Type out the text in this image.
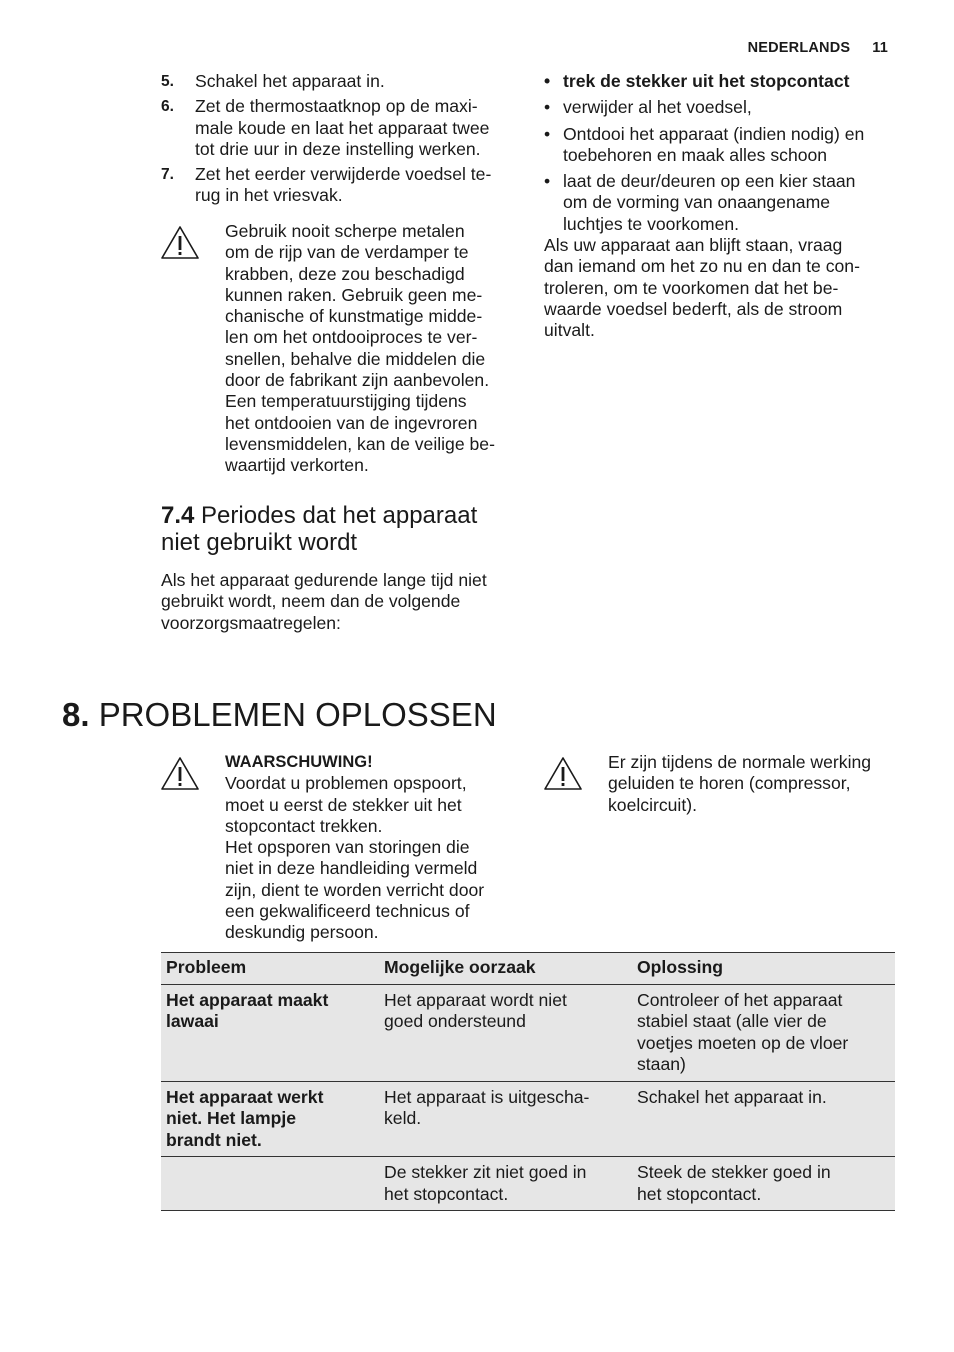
NEDERLANDS 11
5. Schakel het apparaat in.
6. Zet de thermostaatknop op de maxi-
male koude en laat het apparaat twee
tot drie uur in deze instelling werken.
7. Zet het eerder verwijderde voedsel te-
rug in het vriesvak.
Gebruik nooit scherpe metalen
om de rijp van de verdamper te
krabben, deze zou beschadigd
kunnen raken. Gebruik geen me-
chanische of kunstmatige midde-
len om het ontdooiproces te ver-
snellen, behalve die middelen die
door de fabrikant zijn aanbevolen.
Een temperatuurstijging tijdens
het ontdooien van de ingevroren
levensmiddelen, kan de veilige be-
waartijd verkorten.
7.4 Periodes dat het apparaat
niet gebruikt wordt
Als het apparaat gedurende lange tijd niet
gebruikt wordt, neem dan de volgende
voorzorgsmaatregelen:
• trek de stekker uit het stopcontact
• verwijder al het voedsel,
• Ontdooi het apparaat (indien nodig) en
toebehoren en maak alles schoon
• laat de deur/deuren op een kier staan
om de vorming van onaangename
luchtjes te voorkomen.
Als uw apparaat aan blijft staan, vraag
dan iemand om het zo nu en dan te con-
troleren, om te voorkomen dat het be-
waarde voedsel bederft, als de stroom
uitvalt.
8. PROBLEMEN OPLOSSEN
WAARSCHUWING!
Voordat u problemen opspoort,
moet u eerst de stekker uit het
stopcontact trekken.
Het opsporen van storingen die
niet in deze handleiding vermeld
zijn, dient te worden verricht door
een gekwalificeerd technicus of
deskundig persoon.
Er zijn tijdens de normale werking
geluiden te horen (compressor,
koelcircuit).
Probleem	Mogelijke oorzaak	Oplossing
Het apparaat maakt
lawaai	Het apparaat wordt niet
goed ondersteund	Controleer of het apparaat
stabiel staat (alle vier de
voetjes moeten op de vloer
staan)
Het apparaat werkt
niet. Het lampje
brandt niet.	Het apparaat is uitgescha-
keld.	Schakel het apparaat in.
	De stekker zit niet goed in
het stopcontact.	Steek de stekker goed in
het stopcontact.
